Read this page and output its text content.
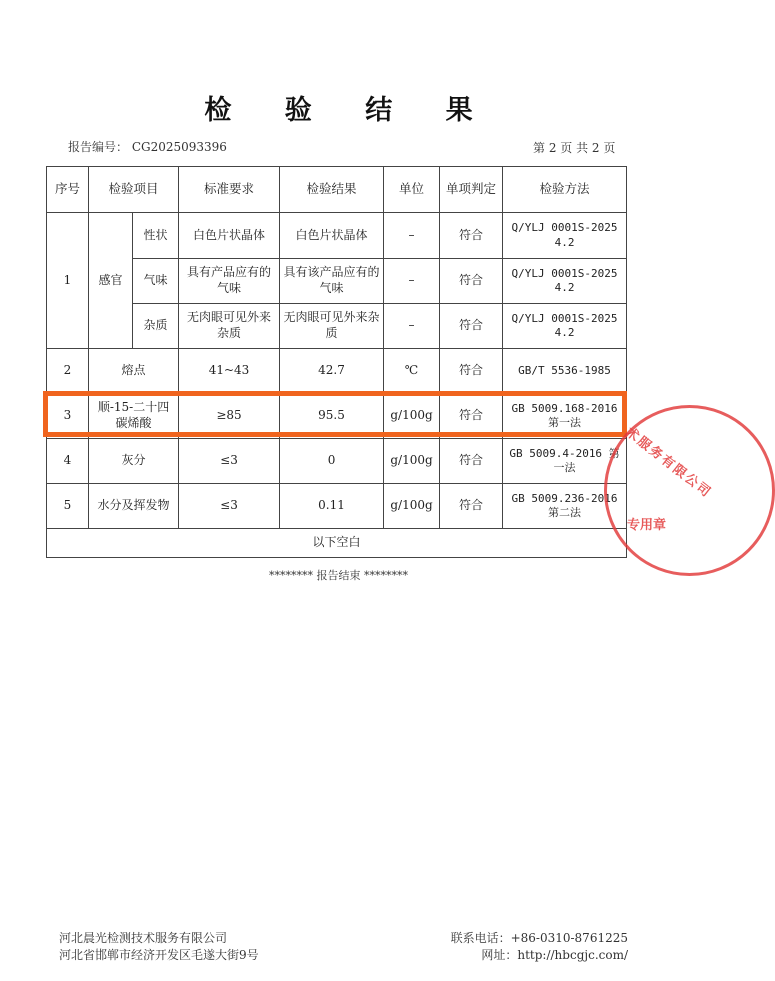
检 验 结 果
报告编号： CG2025093396	第 2 页 共 2 页
序号	检验项目		标准要求	检验结果	单位	单项判定	检验方法
1	感官	性状	白色片状晶体	白色片状晶体	–	符合	Q/YLJ 0001S-2025 4.2
		气味	具有产品应有的气味	具有该产品应有的气味	–	符合	Q/YLJ 0001S-2025 4.2
		杂质	无肉眼可见外来杂质	无肉眼可见外来杂质	–	符合	Q/YLJ 0001S-2025 4.2
2	熔点		41~43	42.7	℃	符合	GB/T 5536-1985
3	顺-15-二十四碳烯酸		≥85	95.5	g/100g	符合	GB 5009.168-2016 第一法
4	灰分		≤3	0	g/100g	符合	GB 5009.4-2016 第一法
5	水分及挥发物		≤3	0.11	g/100g	符合	GB 5009.236-2016 第二法
以下空白							
术服务有限公司
专用章
******** 报告结束 ********
河北晨光检测技术服务有限公司
河北省邯郸市经济开发区毛遂大街9号
联系电话：+86-0310-8761225
网址：http://hbcgjc.com/
